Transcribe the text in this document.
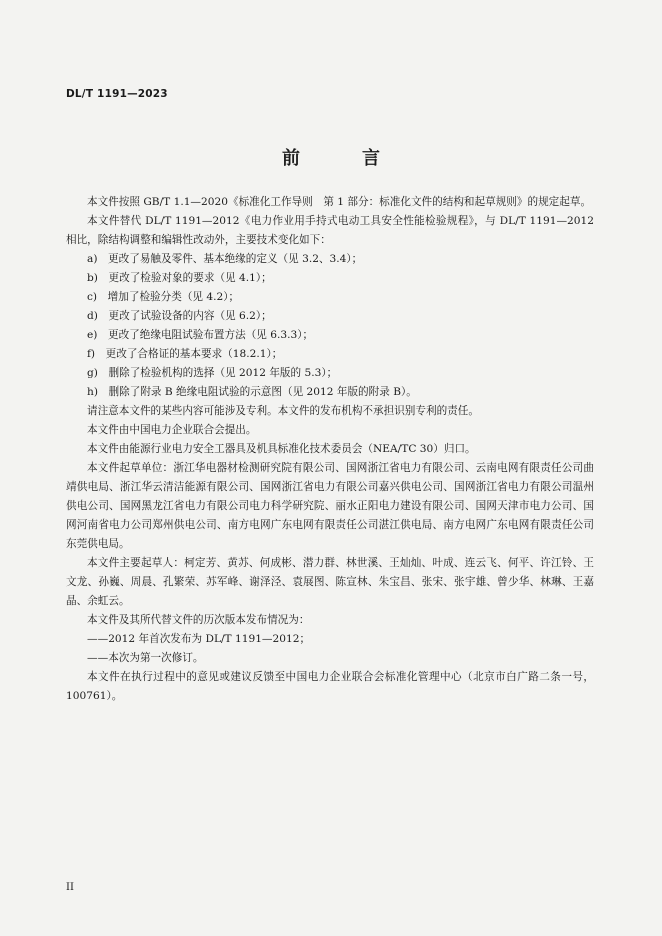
DL/T 1191—2023
前　言
本文件按照 GB/T 1.1—2020《标准化工作导则　第 1 部分：标准化文件的结构和起草规则》的规定起草。
本文件替代 DL/T 1191—2012《电力作业用手持式电动工具安全性能检验规程》，与 DL/T 1191—2012 相比，除结构调整和编辑性改动外，主要技术变化如下：
a)　更改了易触及零件、基本绝缘的定义（见 3.2、3.4）；
b)　更改了检验对象的要求（见 4.1）；
c)　增加了检验分类（见 4.2）；
d)　更改了试验设备的内容（见 6.2）；
e)　更改了绝缘电阻试验布置方法（见 6.3.3）；
f)　更改了合格证的基本要求（18.2.1）；
g)　删除了检验机构的选择（见 2012 年版的 5.3）；
h)　删除了附录 B 绝缘电阻试验的示意图（见 2012 年版的附录 B）。
请注意本文件的某些内容可能涉及专利。本文件的发布机构不承担识别专利的责任。
本文件由中国电力企业联合会提出。
本文件由能源行业电力安全工器具及机具标准化技术委员会（NEA/TC 30）归口。
本文件起草单位：浙江华电器材检测研究院有限公司、国网浙江省电力有限公司、云南电网有限责任公司曲靖供电局、浙江华云清洁能源有限公司、国网浙江省电力有限公司嘉兴供电公司、国网浙江省电力有限公司温州供电公司、国网黑龙江省电力有限公司电力科学研究院、丽水正阳电力建设有限公司、国网天津市电力公司、国网河南省电力公司郑州供电公司、南方电网广东电网有限责任公司湛江供电局、南方电网广东电网有限责任公司东莞供电局。
本文件主要起草人：柯定芳、黄苏、何成彬、潜力群、林世溪、王灿灿、叶成、连云飞、何平、许江铃、王文龙、孙巍、周晨、孔繁荣、苏军峰、谢泽泾、袁展图、陈宣林、朱宝昌、张宋、张宇雄、曾少华、林琳、王嘉晶、余虹云。
本文件及其所代替文件的历次版本发布情况为：
——2012 年首次发布为 DL/T 1191—2012；
——本次为第一次修订。
本文件在执行过程中的意见或建议反馈至中国电力企业联合会标准化管理中心（北京市白广路二条一号，100761）。
II
